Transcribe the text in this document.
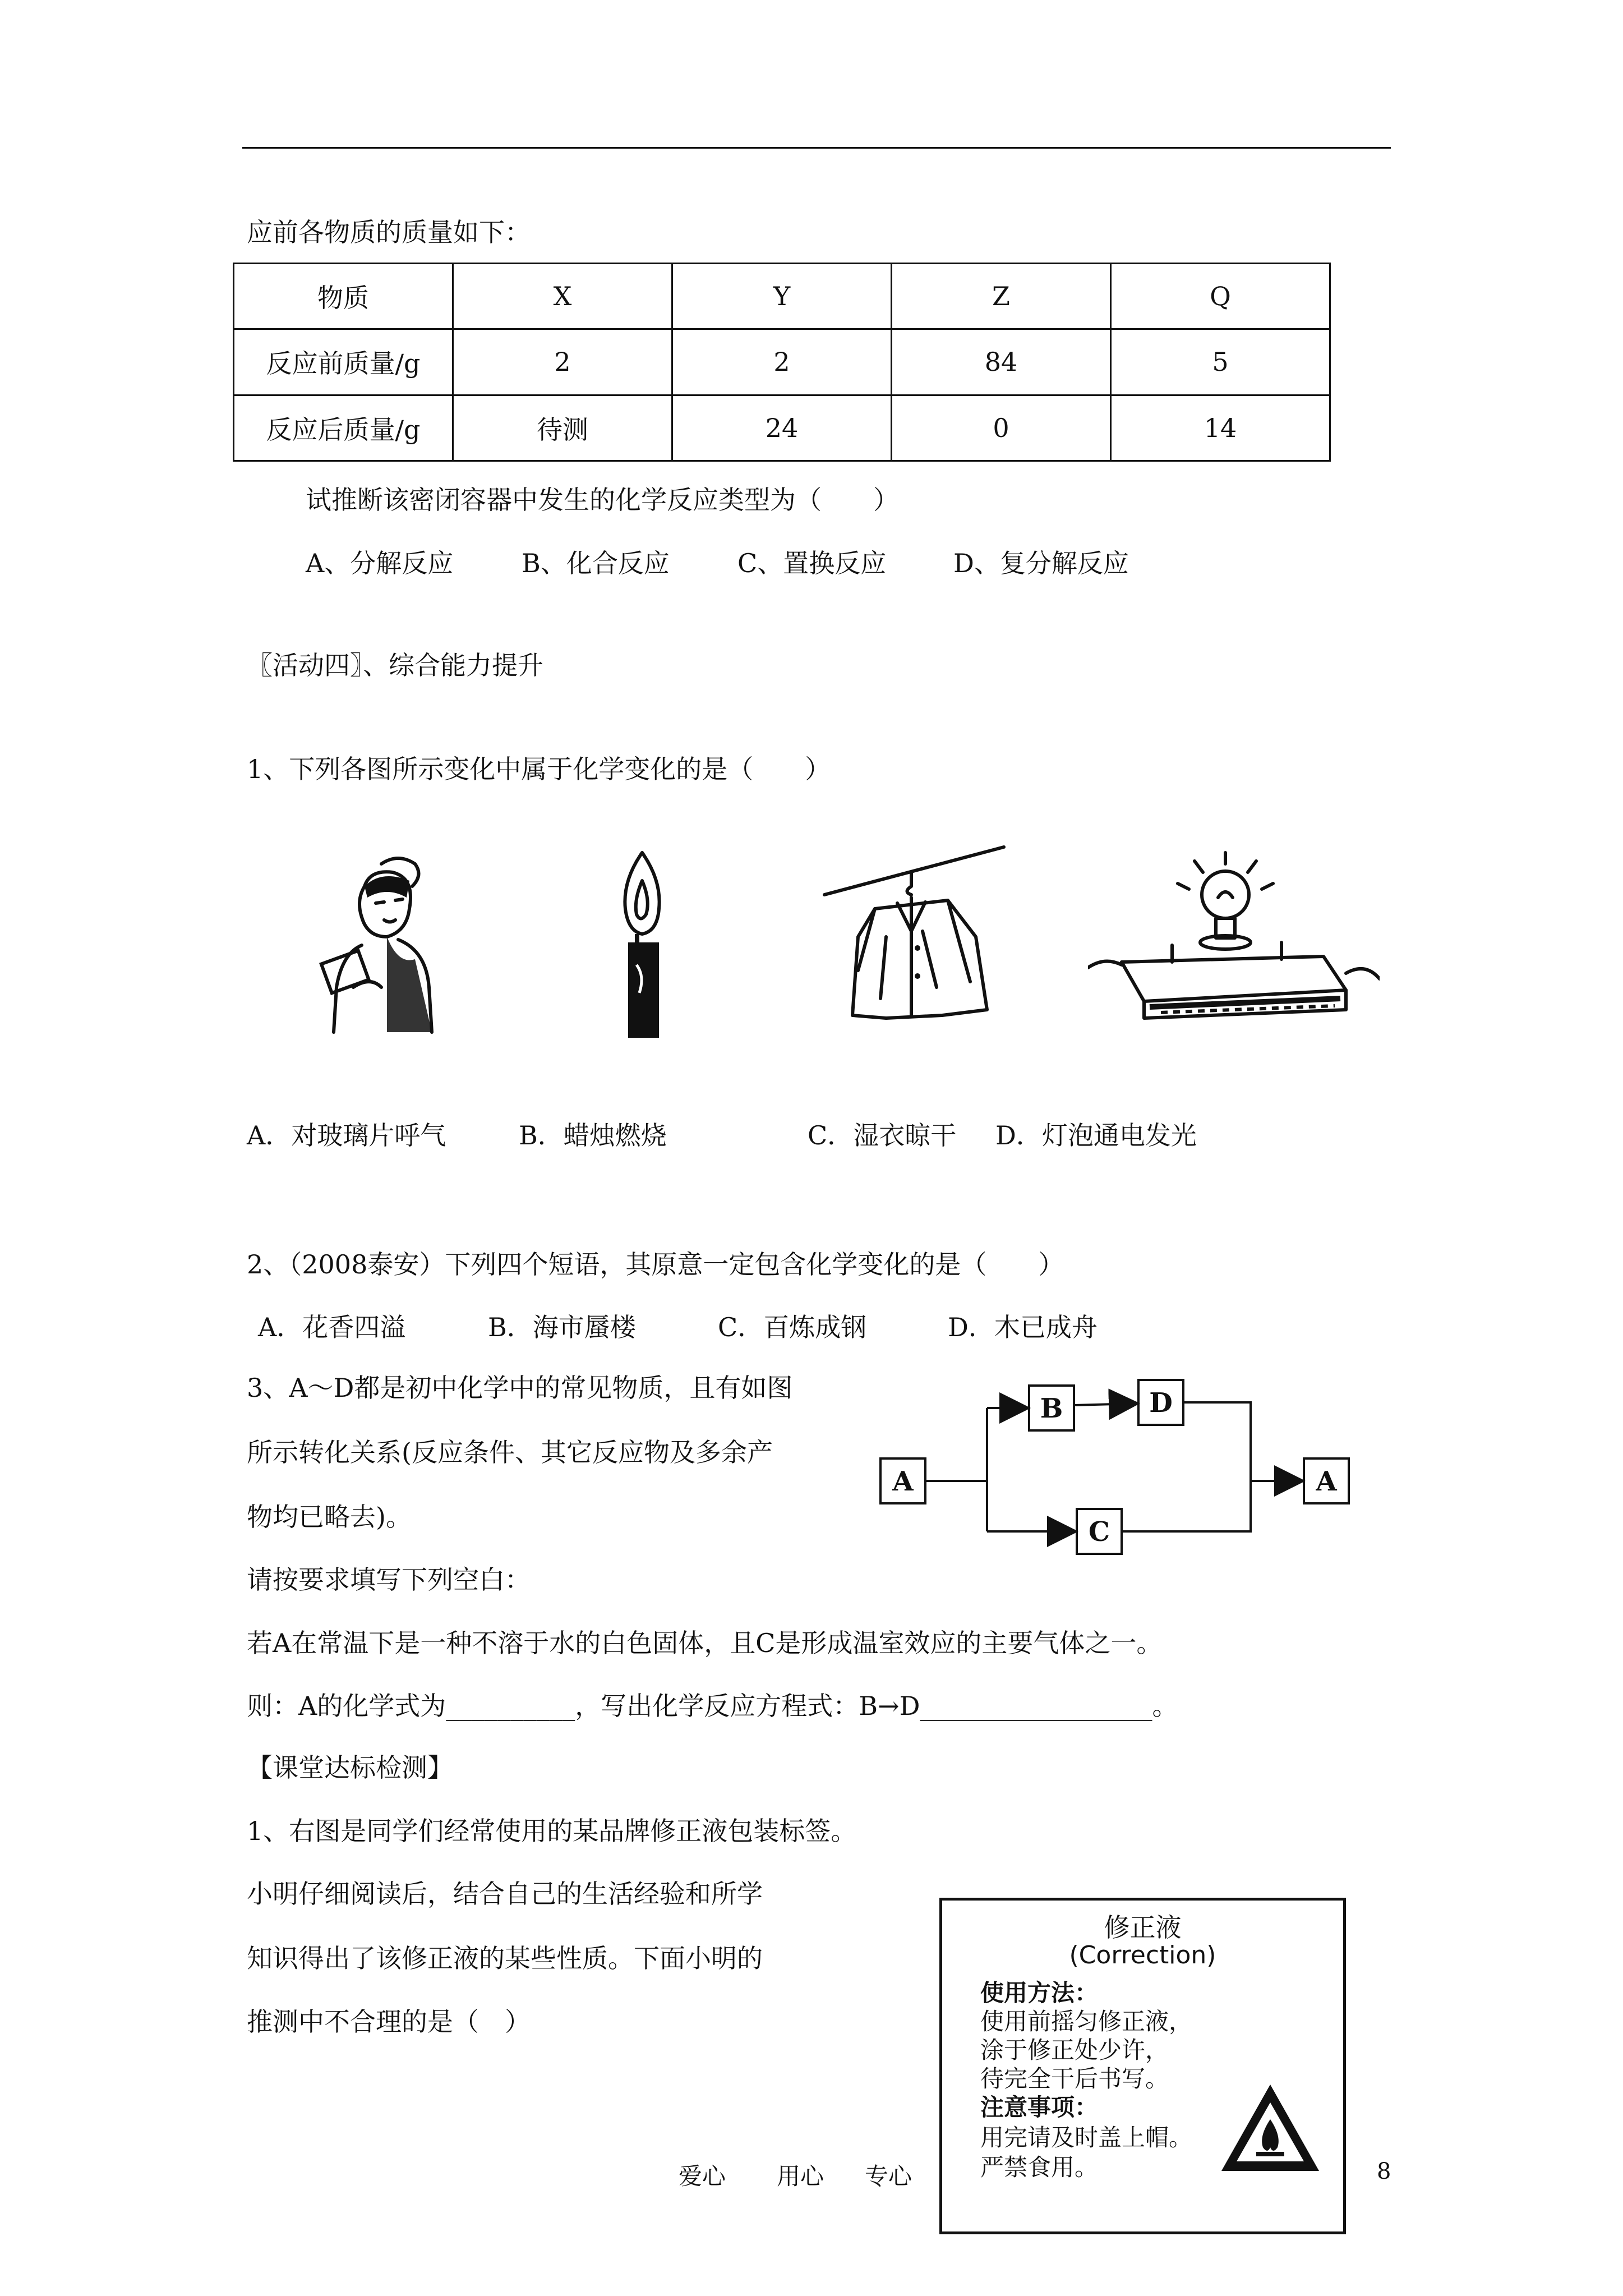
应前各物质的质量如下：
物质	X	Y	Z	Q
反应前质量/g	2	2	84	5
反应后质量/g	待测	24	0	14
试推断该密闭容器中发生的化学反应类型为（　　）
A、分解反应	B、化合反应	C、置换反应	D、复分解反应
〖活动四〗、综合能力提升
1、下列各图所示变化中属于化学变化的是（　　）
A．对玻璃片呼气	B．蜡烛燃烧	C．湿衣晾干 D．灯泡通电发光
2、（2008泰安）下列四个短语，其原意一定包含化学变化的是（　　）
A．花香四溢	B．海市蜃楼	C．百炼成钢	D．木已成舟
3、A～D都是初中化学中的常见物质，且有如图
所示转化关系(反应条件、其它反应物及多余产
物均已略去)。
A
B	D
C
A
请按要求填写下列空白：
若A在常温下是一种不溶于水的白色固体，且C是形成温室效应的主要气体之一。
则：A的化学式为__________，写出化学反应方程式：B→D__________________。
【课堂达标检测】
1、右图是同学们经常使用的某品牌修正液包装标签。
小明仔细阅读后，结合自己的生活经验和所学
知识得出了该修正液的某些性质。下面小明的
推测中不合理的是（　）
修正液
(Correction)
使用方法：
使用前摇匀修正液，
涂于修正处少许，
待完全干后书写。
注意事项：
用完请及时盖上帽。
严禁食用。
爱心 用心 专心	8
